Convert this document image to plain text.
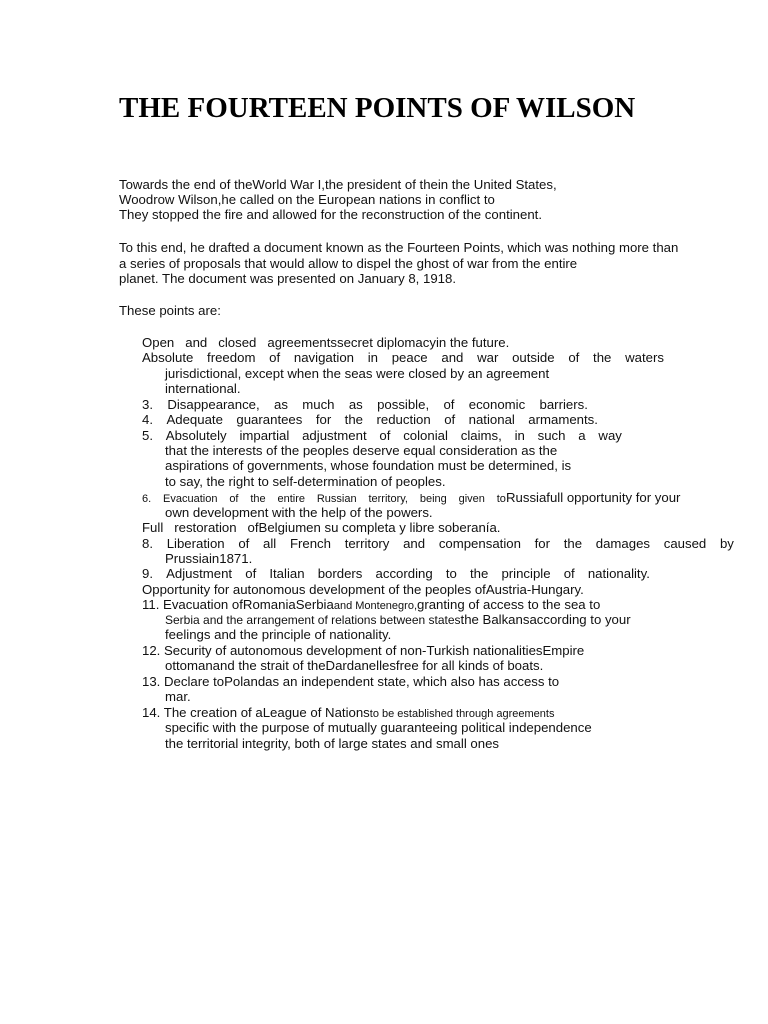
THE FOURTEEN POINTS OF WILSON

Towards the end of theWorld War I,the president of thein the United States,

Woodrow Wilson,he called on the European nations in conflict to

They stopped the fire and allowed for the reconstruction of the continent.

To this end, he drafted a document known as the Fourteen Points, which was nothing more than

a series of proposals that would allow to dispel the ghost of war from the entire

planet. The document was presented on January 8, 1918.

These points are:

Open   and   closed   agreementssecret diplomacyin the future.

Absolute freedom of navigation in peace and war outside of the waters

jurisdictional, except when the seas were closed by an agreement

international.

3. Disappearance, as much as possible, of economic barriers.
4. Adequate guarantees for the reduction of national armaments.
5. Absolutely impartial adjustment of colonial claims, in such a way

that the interests of the peoples deserve equal consideration as the

aspirations of governments, whose foundation must be determined, is

to say, the right to self-determination of peoples.

6. Evacuation of the entire Russian territory, being given to Russiafull opportunity for your

own development with the help of the powers.

Full   restoration   ofBelgiumen su completa y libre soberanía.

8. Liberation of all French territory and compensation for the damages caused by

Prussiain1871.

9. Adjustment of Italian borders according to the principle of nationality.

Opportunity for autonomous development of the peoples ofAustria-Hungary.

11. Evacuation ofRomaniaSerbiaand Montenegro,granting of access to the sea to

Serbia and the arrangement of relations between statesthe Balkansaccording to your

feelings and the principle of nationality.

12. Security of autonomous development of non-Turkish nationalitiesEmpire

ottomanand the strait of theDardanellesfree for all kinds of boats.

13. Declare toPolandas an independent state, which also has access to

mar.

14. The creation of aLeague of Nationsto be established through agreements

specific with the purpose of mutually guaranteeing political independence

the territorial integrity, both of large states and small ones
